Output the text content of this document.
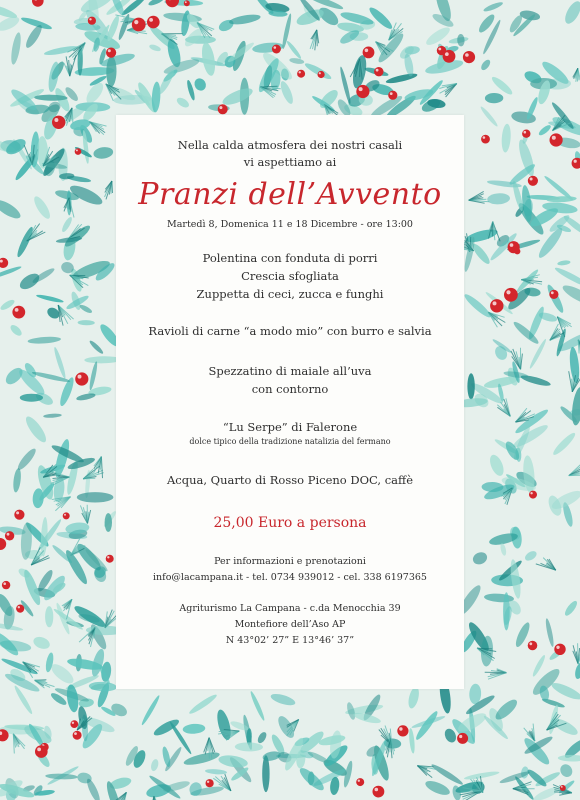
Nella calda atmosfera dei nostri casali
vi aspettiamo ai
Pranzi dell’Avvento
Martedì 8, Domenica 11 e 18 Dicembre - ore 13:00
Polentina con fonduta di porri
Crescia sfogliata
Zuppetta di ceci, zucca e funghi
Ravioli di carne “a modo mio” con burro e salvia
Spezzatino di maiale all’uva
con contorno
“Lu Serpe” di Falerone
dolce tipico della tradizione natalizia del fermano
Acqua, Quarto di Rosso Piceno DOC, caffè
25,00 Euro a persona
Per informazioni e prenotazioni
info@lacampana.it - tel. 0734 939012 - cel. 338 6197365
Agriturismo La Campana - c.da Menocchia 39
Montefiore dell’Aso AP
N 43°02’ 27” E 13°46’ 37”
